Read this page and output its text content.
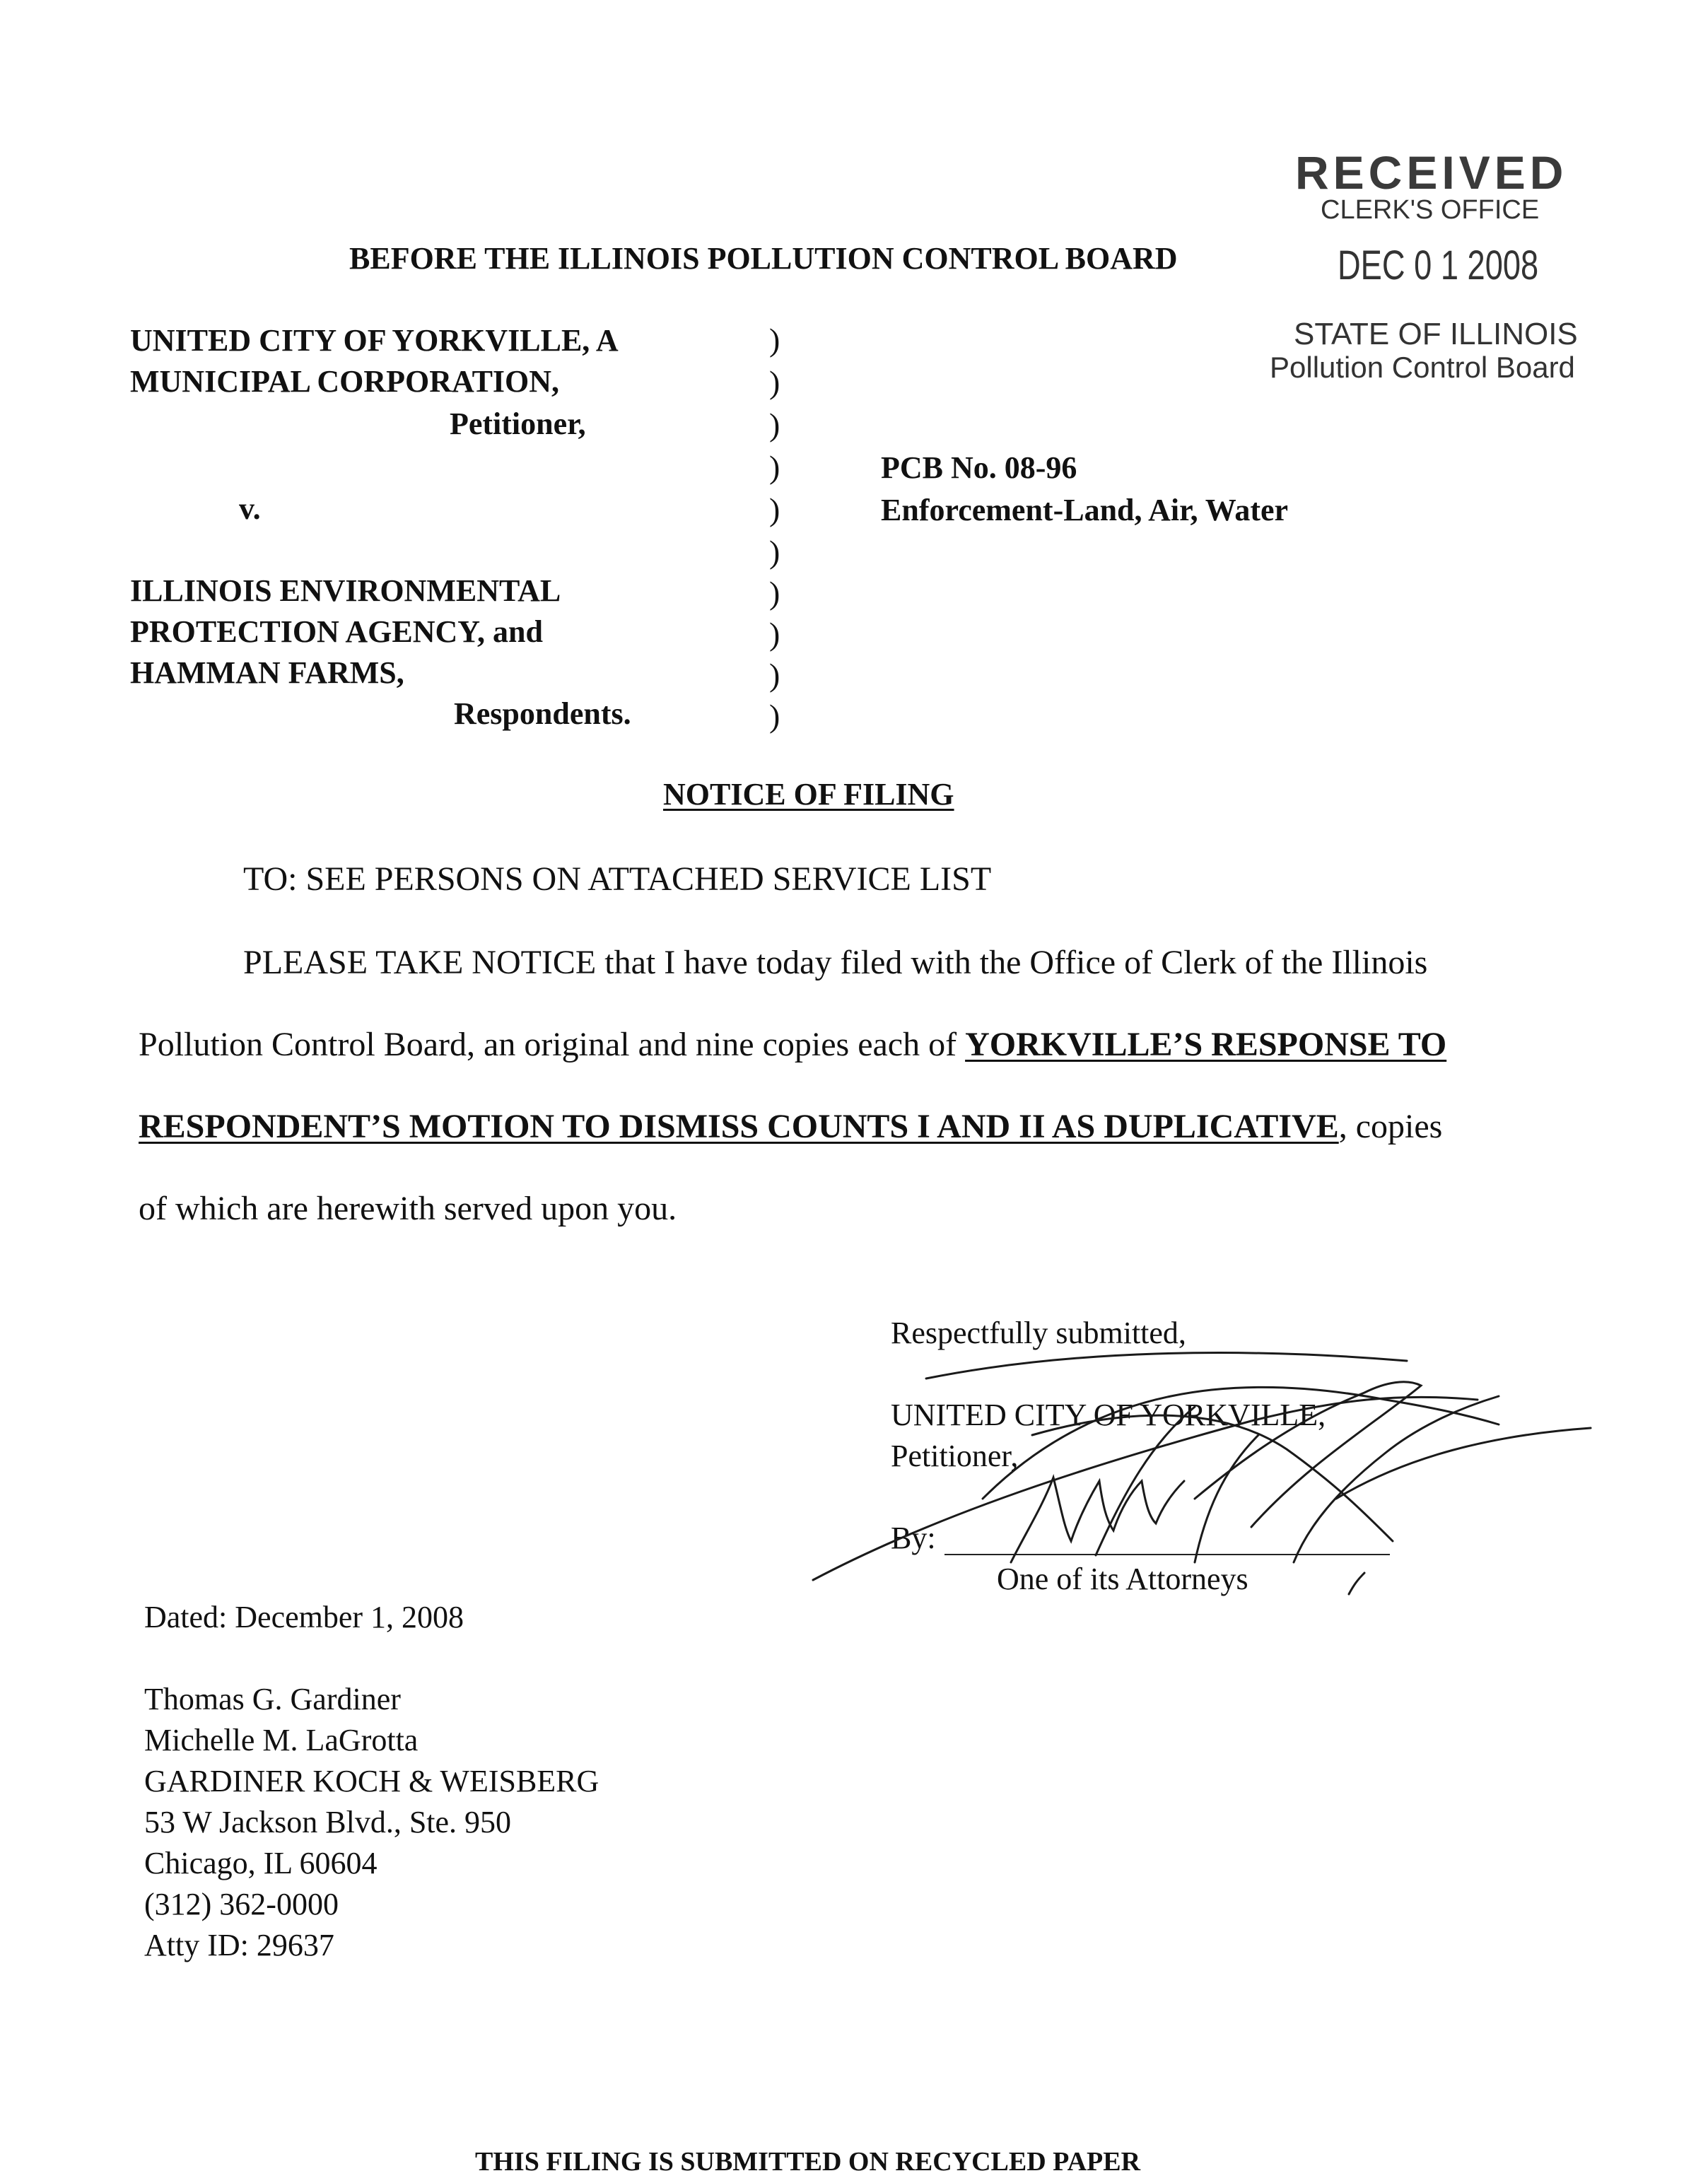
RECEIVED
CLERK'S OFFICE
DEC 0 1 2008
STATE OF ILLINOIS
Pollution Control Board
BEFORE THE ILLINOIS POLLUTION CONTROL BOARD
UNITED CITY OF YORKVILLE, A
MUNICIPAL CORPORATION,
Petitioner,
v.
ILLINOIS ENVIRONMENTAL
PROTECTION AGENCY, and
HAMMAN FARMS,
Respondents.
)
)
)
)
)
)
)
)
)
)
PCB No. 08-96
Enforcement-Land, Air, Water
NOTICE OF FILING
TO: SEE PERSONS ON ATTACHED SERVICE LIST
PLEASE TAKE NOTICE that I have today filed with the Office of Clerk of the Illinois
Pollution Control Board, an original and nine copies each of YORKVILLE’S RESPONSE TO
RESPONDENT’S MOTION TO DISMISS COUNTS I AND II AS DUPLICATIVE, copies
of which are herewith served upon you.
Respectfully submitted,
UNITED CITY OF YORKVILLE,
Petitioner,
By:
One of its Attorneys
Dated: December 1, 2008
Thomas G. Gardiner
Michelle M. LaGrotta
GARDINER KOCH & WEISBERG
53 W Jackson Blvd., Ste. 950
Chicago, IL 60604
(312) 362-0000
Atty ID: 29637
THIS FILING IS SUBMITTED ON RECYCLED PAPER
